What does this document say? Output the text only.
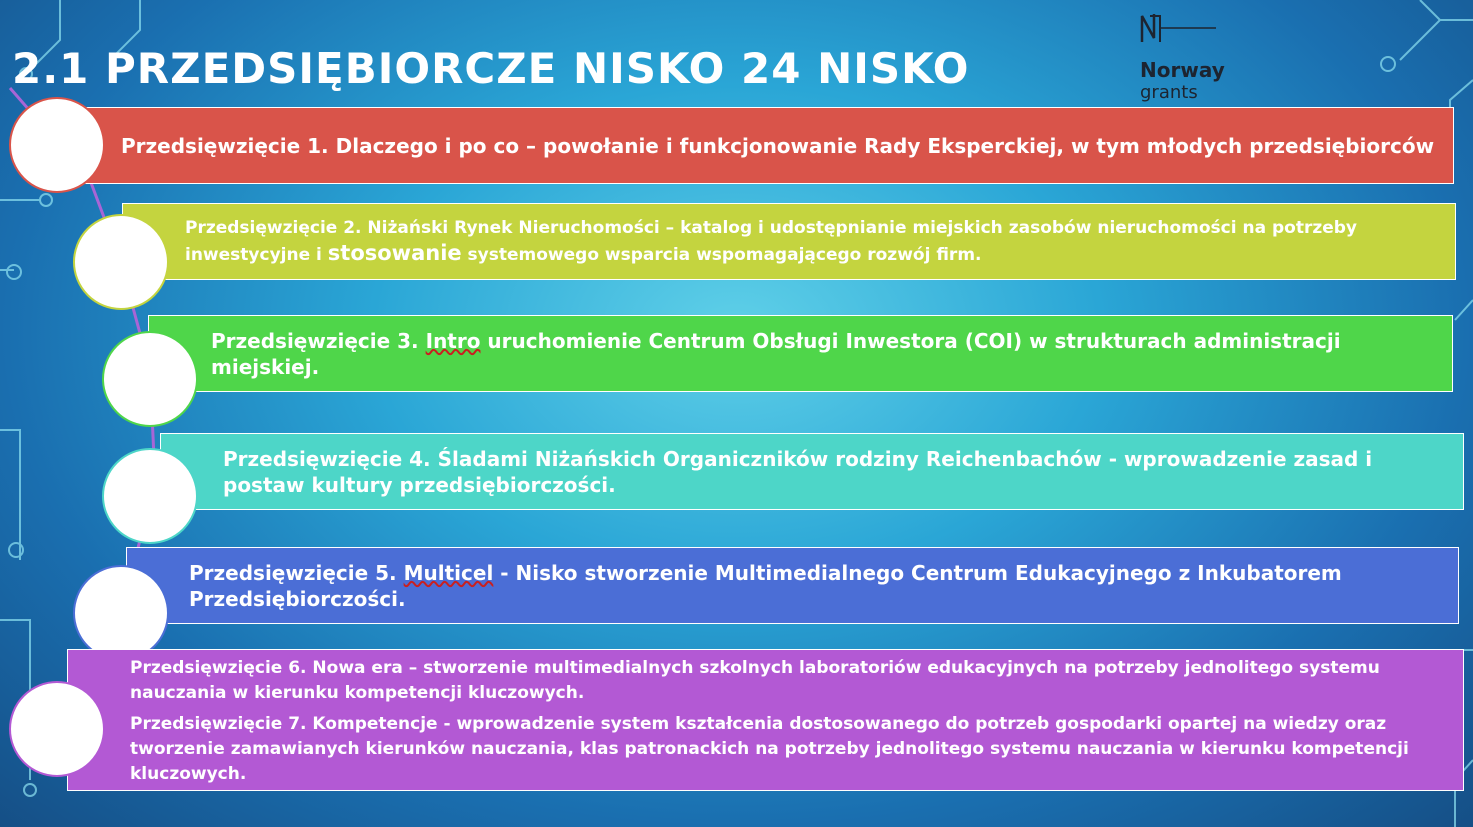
2.1 PRZEDSIĘBIORCZE NISKO 24 NISKO	Norway
grants
Przedsięwzięcie 1. Dlaczego i po co – powołanie i funkcjonowanie Rady Eksperckiej, w tym młodych przedsiębiorców
Przedsięwzięcie 2. Niżański Rynek Nieruchomości – katalog i udostępnianie miejskich zasobów nieruchomości na potrzeby inwestycyjne i stosowanie systemowego wsparcia wspomagającego rozwój firm.
Przedsięwzięcie 3. Intro uruchomienie Centrum Obsługi Inwestora (COI) w strukturach administracji miejskiej.
Przedsięwzięcie 4. Śladami Niżańskich Organiczników rodziny Reichenbachów - wprowadzenie zasad i postaw kultury przedsiębiorczości.
Przedsięwzięcie 5. Multicel - Nisko stworzenie Multimedialnego Centrum Edukacyjnego z Inkubatorem Przedsiębiorczości.
Przedsięwzięcie 6. Nowa era – stworzenie multimedialnych szkolnych laboratoriów edukacyjnych na potrzeby jednolitego systemu nauczania w kierunku kompetencji kluczowych.
Przedsięwzięcie 7. Kompetencje - wprowadzenie system kształcenia dostosowanego do potrzeb gospodarki opartej na wiedzy oraz tworzenie zamawianych kierunków nauczania, klas patronackich na potrzeby jednolitego systemu nauczania w kierunku kompetencji kluczowych.
